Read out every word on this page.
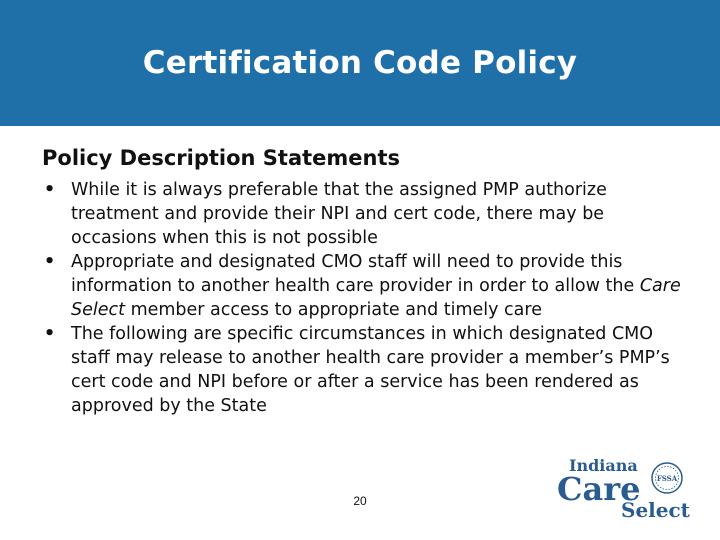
Certification Code Policy
Policy Description Statements
• While it is always preferable that the assigned PMP authorize treatment and provide their NPI and cert code, there may be occasions when this is not possible
• Appropriate and designated CMO staff will need to provide this information to another health care provider in order to allow the Care Select member access to appropriate and timely care
• The following are specific circumstances in which designated CMO staff may release to another health care provider a member’s PMP’s cert code and NPI before or after a service has been rendered as approved by the State
20
Indiana
Care
Select
FSSA
